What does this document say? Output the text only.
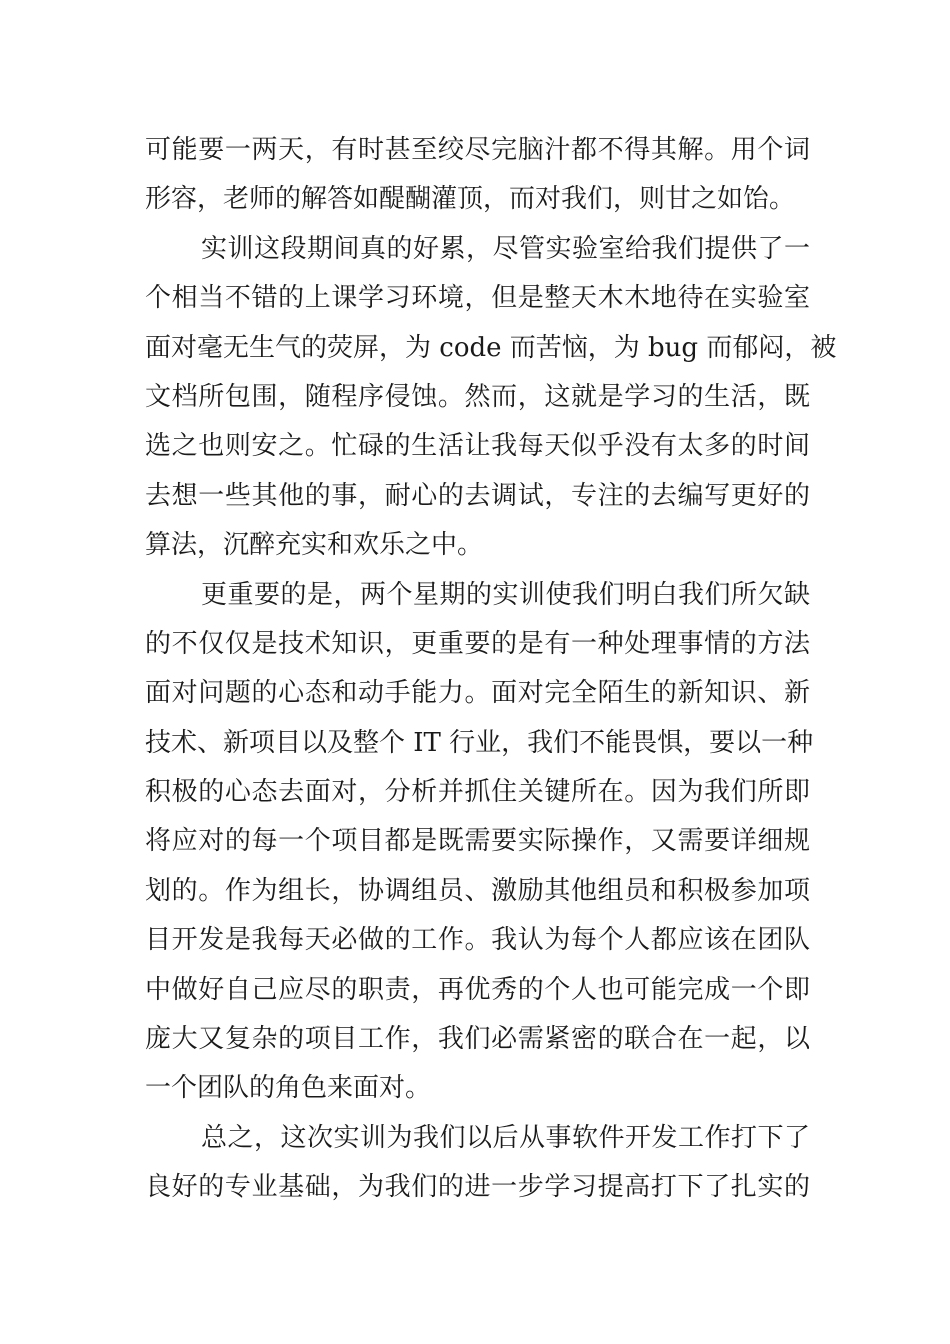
可能要一两天，有时甚至绞尽完脑汁都不得其解。用个词
形容，老师的解答如醍醐灌顶，而对我们，则甘之如饴。
实训这段期间真的好累，尽管实验室给我们提供了一
个相当不错的上课学习环境，但是整天木木地待在实验室
面对毫无生气的荧屏，为 code 而苦恼，为 bug 而郁闷，被
文档所包围，随程序侵蚀。然而，这就是学习的生活，既
选之也则安之。忙碌的生活让我每天似乎没有太多的时间
去想一些其他的事，耐心的去调试，专注的去编写更好的
算法，沉醉充实和欢乐之中。
更重要的是，两个星期的实训使我们明白我们所欠缺
的不仅仅是技术知识，更重要的是有一种处理事情的方法
面对问题的心态和动手能力。面对完全陌生的新知识、新
技术、新项目以及整个 IT 行业，我们不能畏惧，要以一种
积极的心态去面对，分析并抓住关键所在。因为我们所即
将应对的每一个项目都是既需要实际操作，又需要详细规
划的。作为组长，协调组员、激励其他组员和积极参加项
目开发是我每天必做的工作。我认为每个人都应该在团队
中做好自己应尽的职责，再优秀的个人也可能完成一个即
庞大又复杂的项目工作，我们必需紧密的联合在一起，以
一个团队的角色来面对。
总之，这次实训为我们以后从事软件开发工作打下了
良好的专业基础，为我们的进一步学习提高打下了扎实的
